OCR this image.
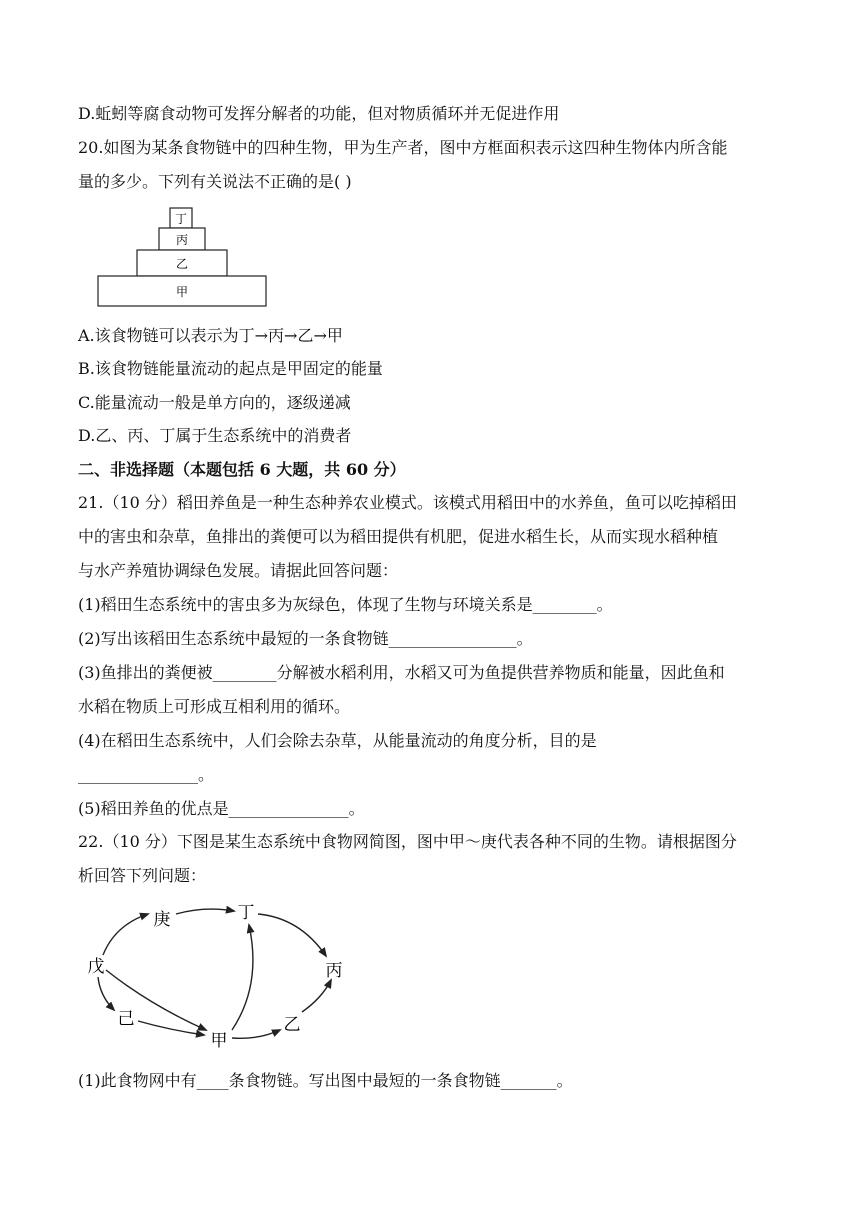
D.蚯蚓等腐食动物可发挥分解者的功能，但对物质循环并无促进作用
20.如图为某条食物链中的四种生物，甲为生产者，图中方框面积表示这四种生物体内所含能
量的多少。下列有关说法不正确的是( )
丁
丙
乙
甲
A.该食物链可以表示为丁→丙→乙→甲
B.该食物链能量流动的起点是甲固定的能量
C.能量流动一般是单方向的，逐级递减
D.乙、丙、丁属于生态系统中的消费者
二、非选择题（本题包括 6 大题，共 60 分）
21.（10 分）稻田养鱼是一种生态种养农业模式。该模式用稻田中的水养鱼，鱼可以吃掉稻田
中的害虫和杂草，鱼排出的粪便可以为稻田提供有机肥，促进水稻生长，从而实现水稻种植
与水产养殖协调绿色发展。请据此回答问题：
(1)稻田生态系统中的害虫多为灰绿色，体现了生物与环境关系是________。
(2)写出该稻田生态系统中最短的一条食物链________________。
(3)鱼排出的粪便被________分解被水稻利用，水稻又可为鱼提供营养物质和能量，因此鱼和
水稻在物质上可形成互相利用的循环。
(4)在稻田生态系统中，人们会除去杂草，从能量流动的角度分析，目的是
_______________。
(5)稻田养鱼的优点是_______________。
22.（10 分）下图是某生态系统中食物网简图，图中甲～庚代表各种不同的生物。请根据图分
析回答下列问题：
庚	丁
戊	丙
己
甲
乙
(1)此食物网中有____条食物链。写出图中最短的一条食物链_______。
